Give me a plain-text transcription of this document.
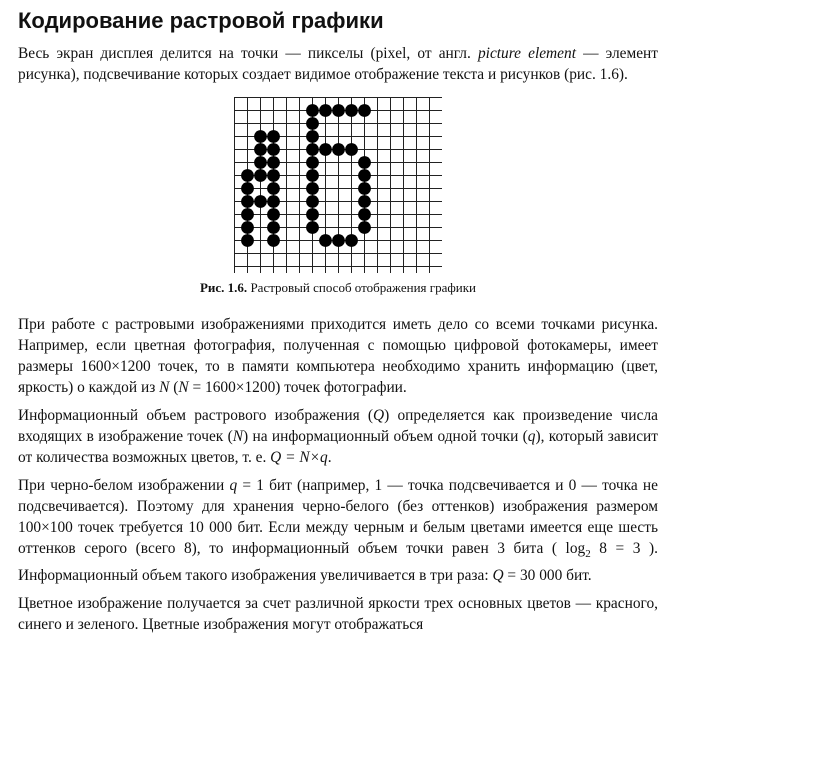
Кодирование растровой графики

Весь экран дисплея делится на точки — пикселы (pixel, от англ. picture element — элемент рисунка), подсвечивание которых создает видимое отображение текста и рисунков (рис. 1.6).

Рис. 1.6. Растровый способ отображения графики

При работе с растровыми изображениями приходится иметь дело со всеми точками рисунка. Например, если цветная фотография, полученная с помощью цифровой фотокамеры, имеет размеры 1600×1200 точек, то в памяти компьютера необходимо хранить информацию (цвет, яркость) о каждой из N (N = 1600×1200) точек фотографии.

Информационный объем растрового изображения (Q) определяется как произведение числа входящих в изображение точек (N) на информационный объем одной точки (q), который зависит от количества возможных цветов, т. е. Q = N×q.

При черно-белом изображении q = 1 бит (например, 1 — точка подсвечивается и 0 — точка не подсвечивается). Поэтому для хранения черно-белого (без оттенков) изображения размером 100×100 точек требуется 10 000 бит. Если между черным и белым цветами имеется еще шесть оттенков серого (всего 8), то информационный объем точки равен 3 бита ( $\log_2 8 = 3$ ). Информационный объем такого изображения увеличивается в три раза: Q = 30 000 бит.

Цветное изображение получается за счет различной яркости трех основных цветов — красного, синего и зеленого. Цветные изображения могут отображаться
